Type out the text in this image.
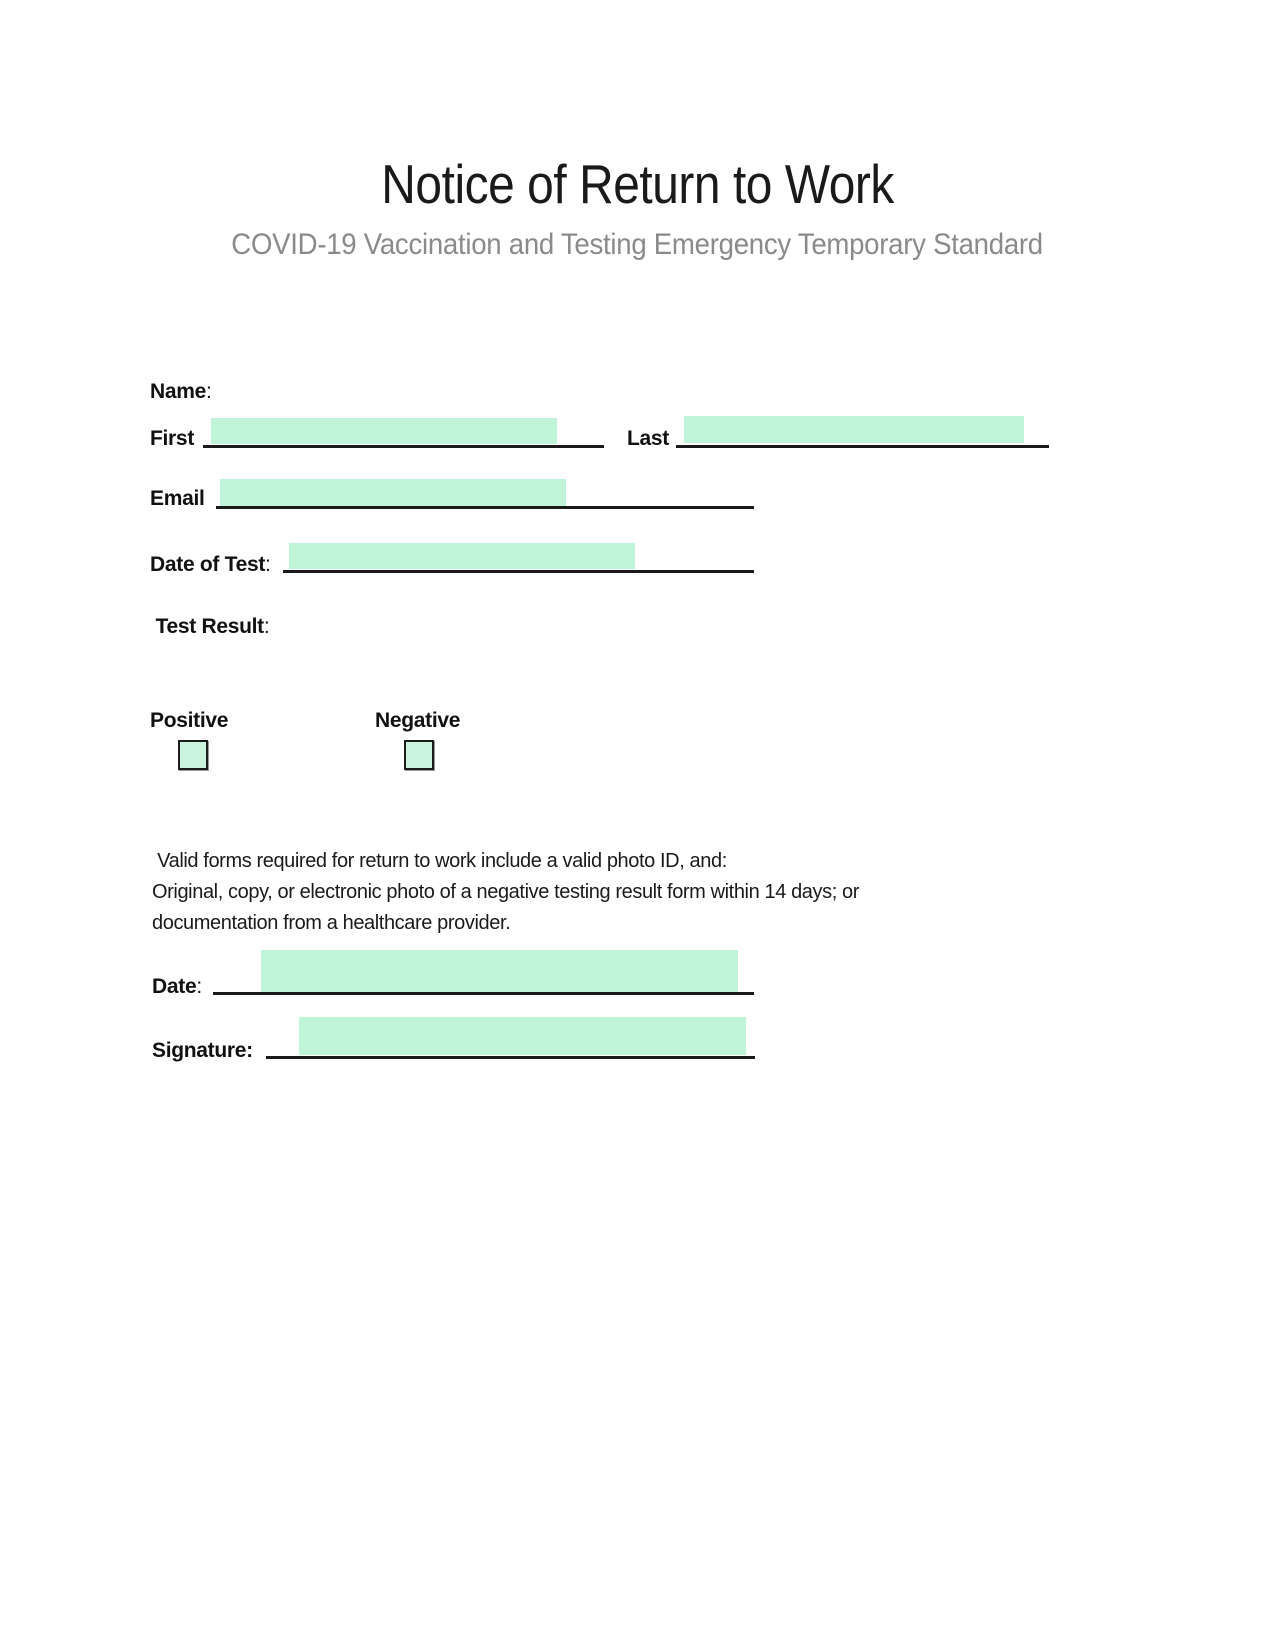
Notice of Return to Work
COVID-19 Vaccination and Testing Emergency Temporary Standard
Name:
First	Last
Email
Date of Test:
Test Result:
Positive	Negative
Valid forms required for return to work include a valid photo ID, and:
Original, copy, or electronic photo of a negative testing result form within 14 days; or
documentation from a healthcare provider.
Date:
Signature:
